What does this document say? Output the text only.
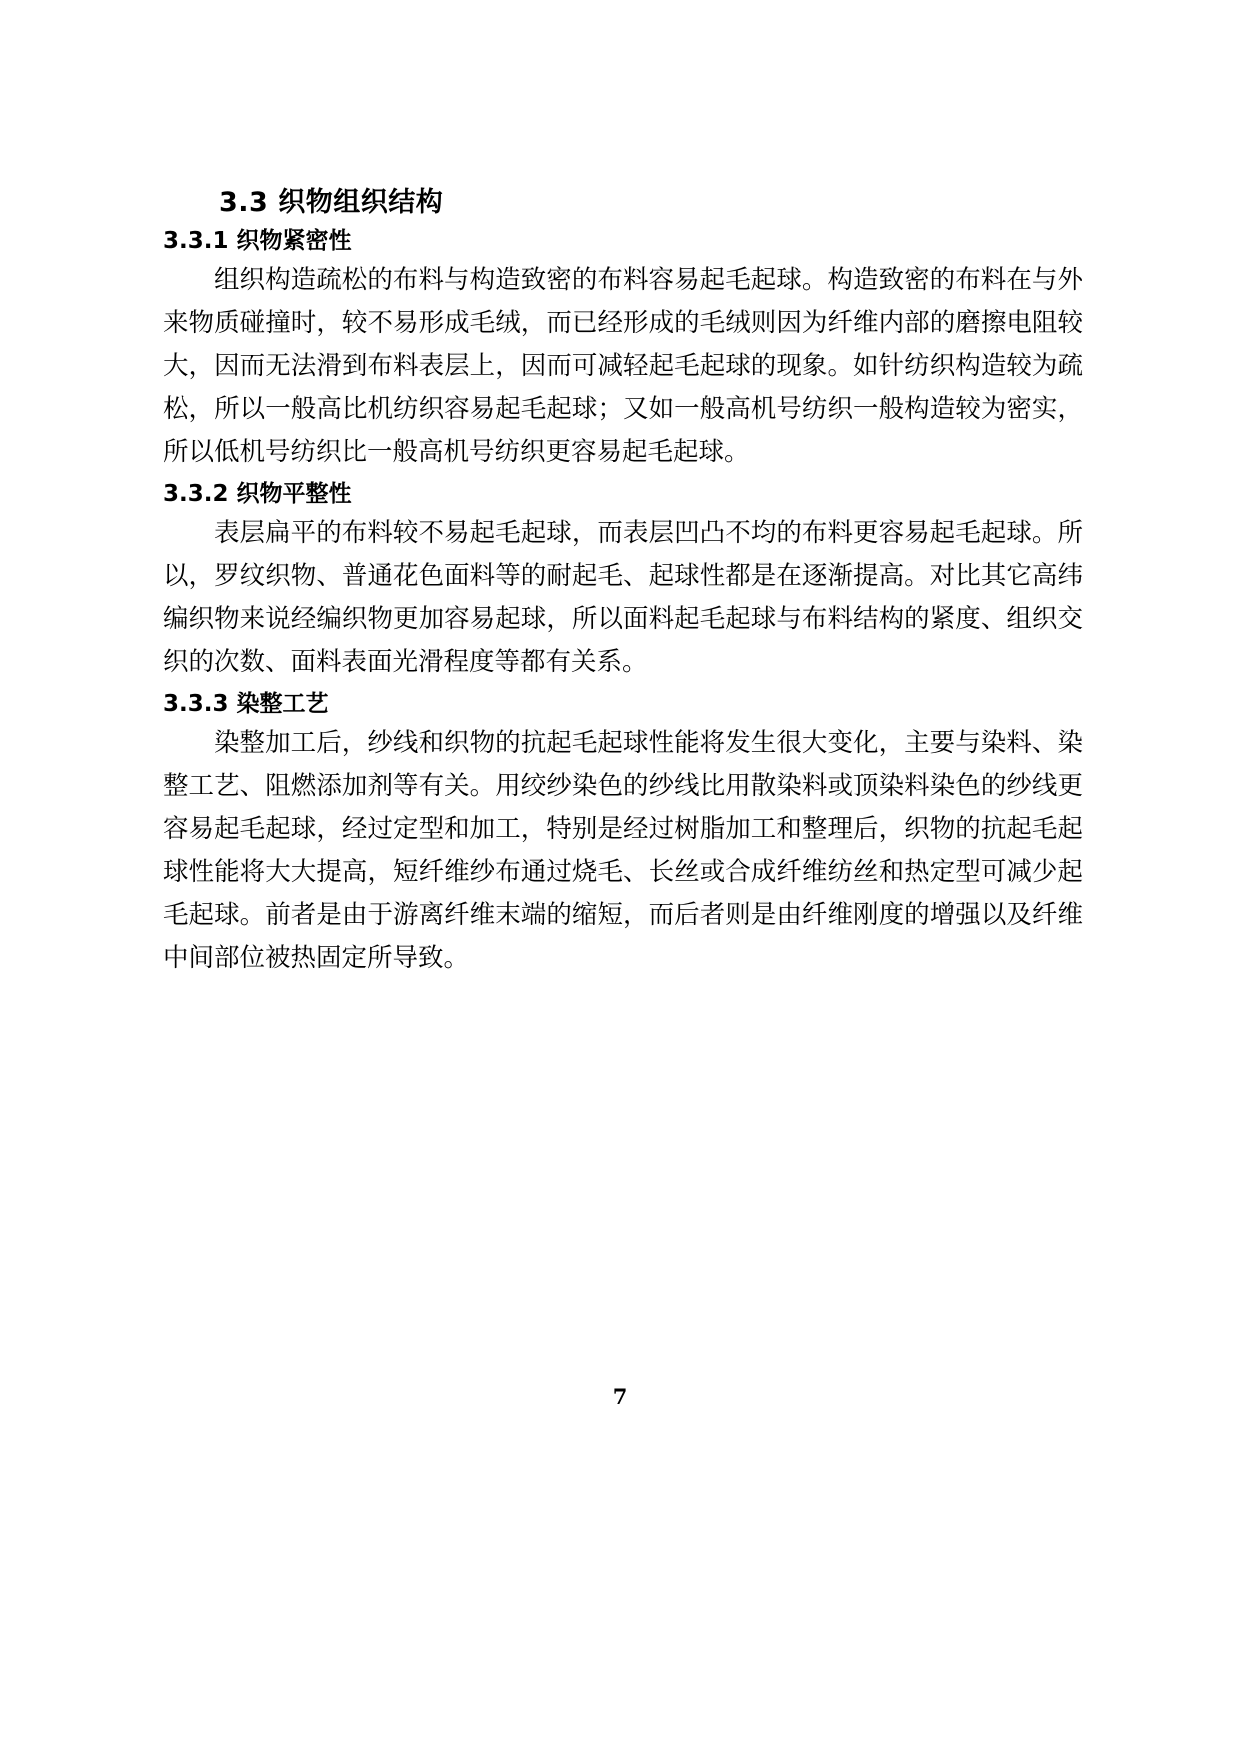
3.3 织物组织结构
3.3.1 织物紧密性

组织构造疏松的布料与构造致密的布料容易起毛起球。构造致密的布料在与外来物质碰撞时，较不易形成毛绒，而已经形成的毛绒则因为纤维内部的磨擦电阻较大，因而无法滑到布料表层上，因而可减轻起毛起球的现象。如针纺织构造较为疏松，所以一般高比机纺织容易起毛起球；又如一般高机号纺织一般构造较为密实，所以低机号纺织比一般高机号纺织更容易起毛起球。

3.3.2 织物平整性

表层扁平的布料较不易起毛起球，而表层凹凸不均的布料更容易起毛起球。所以，罗纹织物、普通花色面料等的耐起毛、起球性都是在逐渐提高。对比其它高纬编织物来说经编织物更加容易起球，所以面料起毛起球与布料结构的紧度、组织交织的次数、面料表面光滑程度等都有关系。

3.3.3 染整工艺

染整加工后，纱线和织物的抗起毛起球性能将发生很大变化，主要与染料、染整工艺、阻燃添加剂等有关。用绞纱染色的纱线比用散染料或顶染料染色的纱线更容易起毛起球，经过定型和加工，特别是经过树脂加工和整理后，织物的抗起毛起球性能将大大提高，短纤维纱布通过烧毛、长丝或合成纤维纺丝和热定型可减少起毛起球。前者是由于游离纤维末端的缩短，而后者则是由纤维刚度的增强以及纤维中间部位被热固定所导致。

7
